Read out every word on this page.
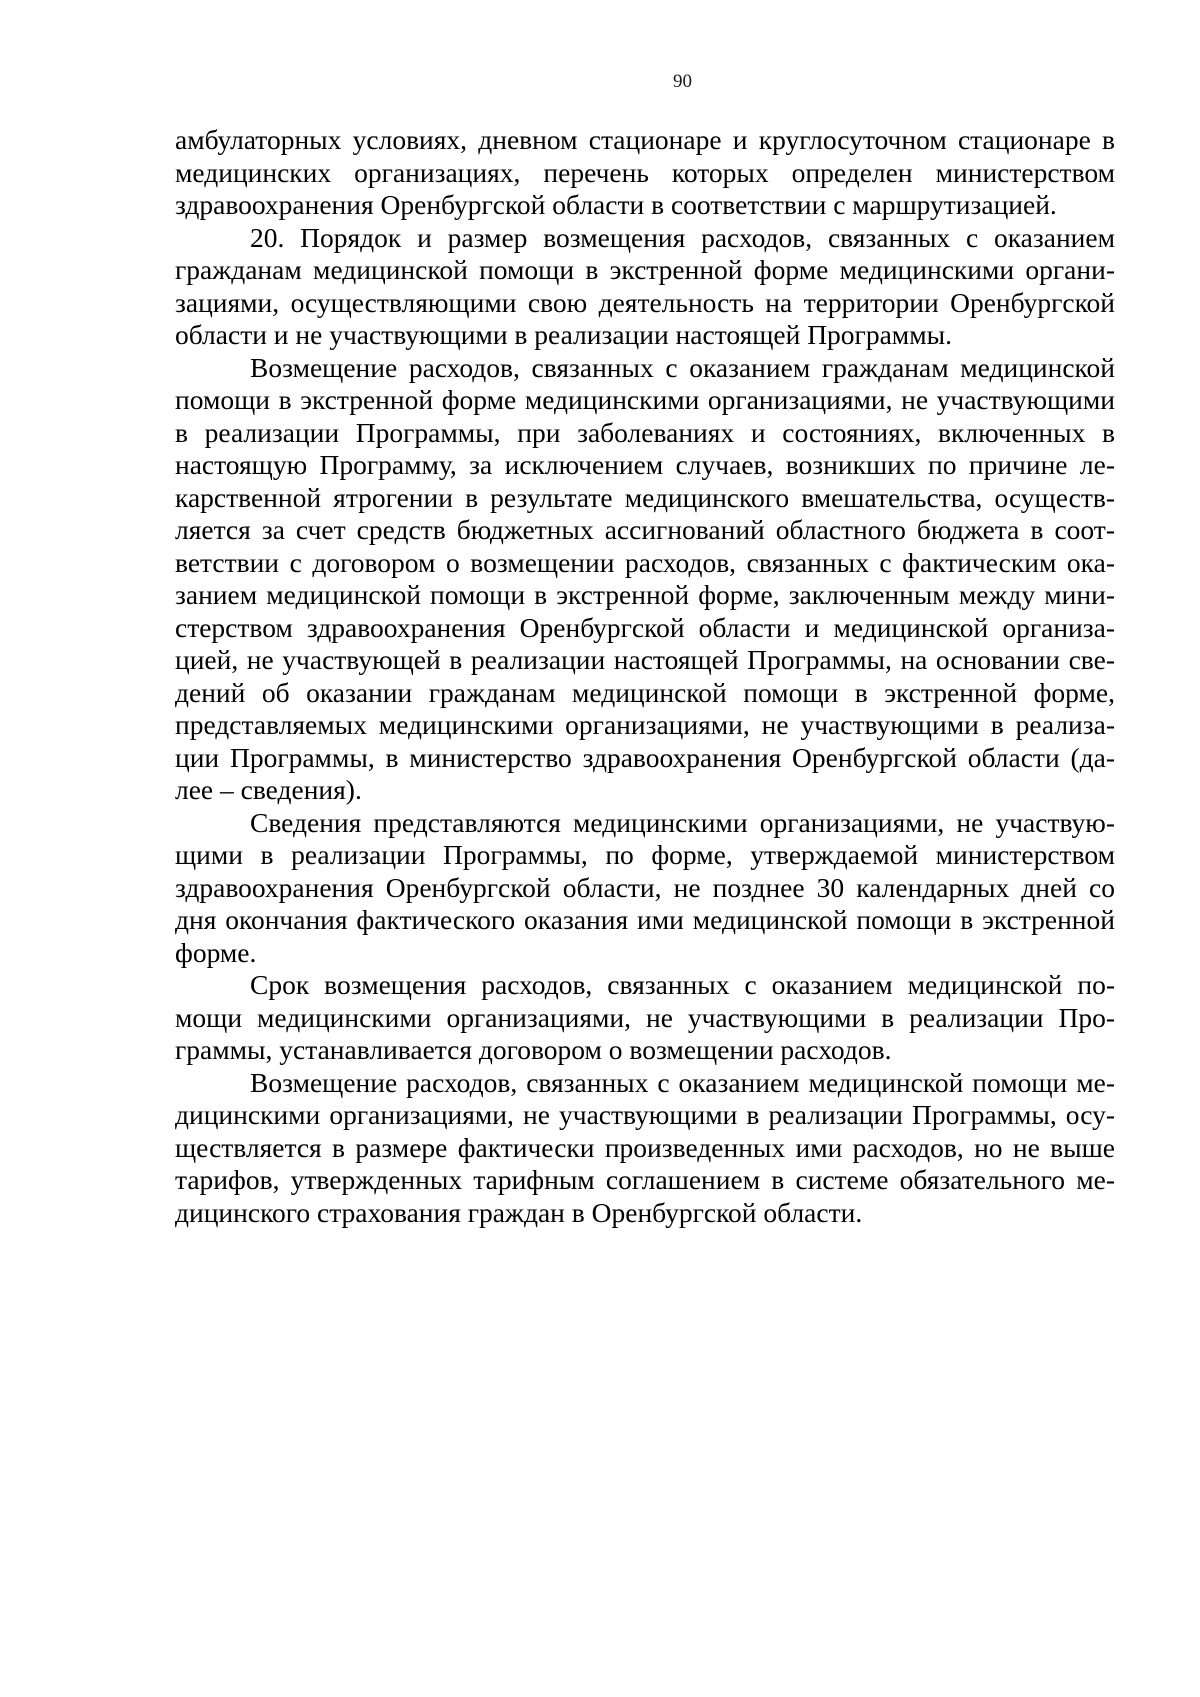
90

амбулаторных условиях, дневном стационаре и круглосуточном стационаре в медицинских организациях, перечень которых определен министерством здравоохранения Оренбургской области в соответствии с маршрутизацией.

20. Порядок и размер возмещения расходов, связанных с оказанием гражданам медицинской помощи в экстренной форме медицинскими организациями, осуществляющими свою деятельность на территории Оренбургской области и не участвующими в реализации настоящей Программы.

Возмещение расходов, связанных с оказанием гражданам медицинской помощи в экстренной форме медицинскими организациями, не участвующими в реализации Программы, при заболеваниях и состояниях, включенных в настоящую Программу, за исключением случаев, возникших по причине лекарственной ятрогении в результате медицинского вмешательства, осуществляется за счет средств бюджетных ассигнований областного бюджета в соответствии с договором о возмещении расходов, связанных с фактическим оказанием медицинской помощи в экстренной форме, заключенным между министерством здравоохранения Оренбургской области и медицинской организацией, не участвующей в реализации настоящей Программы, на основании сведений об оказании гражданам медицинской помощи в экстренной форме, представляемых медицинскими организациями, не участвующими в реализации Программы, в министерство здравоохранения Оренбургской области (далее – сведения).

Сведения представляются медицинскими организациями, не участвующими в реализации Программы, по форме, утверждаемой министерством здравоохранения Оренбургской области, не позднее 30 календарных дней со дня окончания фактического оказания ими медицинской помощи в экстренной форме.

Срок возмещения расходов, связанных с оказанием медицинской помощи медицинскими организациями, не участвующими в реализации Программы, устанавливается договором о возмещении расходов.

Возмещение расходов, связанных с оказанием медицинской помощи медицинскими организациями, не участвующими в реализации Программы, осуществляется в размере фактически произведенных ими расходов, но не выше тарифов, утвержденных тарифным соглашением в системе обязательного медицинского страхования граждан в Оренбургской области.
